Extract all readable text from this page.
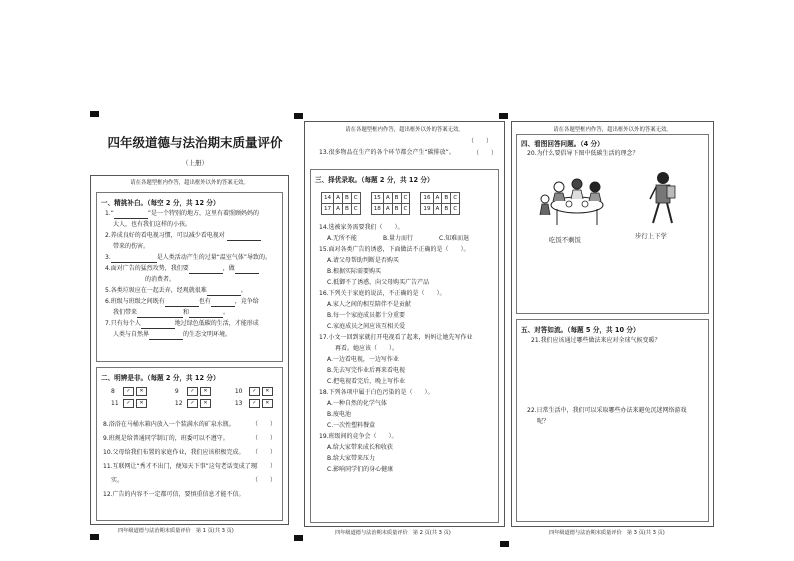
四年级道德与法治期末质量评价
（上册）
请在各题型框内作答，超出框外以外的答案无效。
一、精挑补白。（每空 2 分，共 12 分）
1.“	”是一个特别的地方，这里有着照顾妈妈的
大人，也有我们这样的小孩。
2.养成良好的看电视习惯，可以减少看电视对
带来的伤害。
3.	是人类活动产生的过量“温室气体”导致的。
4.面对广告的猛烈攻势，我们要	，做
的消费者。
5.各类垃圾应在一起丢弃，经观就很难	。
6.班级与班级之间既有	也有	，竞争给
我们带来	和	。
7.只有每个人	地过绿色低碳的生活，才能形成
人类与自然界	的生态文明环境。
二、明辨是非。（每题 2 分，共 12 分）
8 ✓ ✕	9 ✓ ✕	10 ✓ ✕
11 ✓ ✕	12 ✓ ✕	13 ✓ ✕
8.浴浴在马桶水箱内放入一个装满水的矿泉水瓶。
9.班规是给普通同学制订的，班委可以不遵守。
10.父母给我们布置的家庭作业，我们应该积极完成。
11.互联网让“秀才不出门，便知天下事”这句老话变成了现
实。
12.广告的内容不一定都可信，要慎重信息才能不信。
（　　）
（　　）
（　　）
（　　）
（　　）
四年级道德与法治期末质量评价　第 1 页(共 3 页)
请在各题型框内作答，超出框外以外的答案无效。
（　　）
13.很多物品在生产的各个环节都会产生“碳排放”。	（　　）
三、择优录取。（每题 2 分，共 12 分）
14	A	B	C		15	A	B	C		16	A	B	C
17	A	B	C		18	A	B	C		19	A	B	C
14.选被家务需要我们（　　）。
A.无所不能	B.量力而行	C.知难而退
15.面对各类广告的诱惑，下面做法不正确的是（　　）。
A.请父母帮助判断是否购买
B.根据实际需要购买
C.抵御不了诱惑，向父母购买广告产品
16.下列关于家庭的说法，不正确的是（　　）。
A.家人之间的相互陪伴不是贡献
B.每一个家庭成员都十分重要
C.家庭成员之间应该互相关爱
17.小文一回到家就打开电视看了起来，妈妈让她先写作业
再看。她应该（　　）。
A.一边看电视，一边写作业
B.先去写完作业后再来看电视
C.把电视看完后，晚上写作业
18.下列各项中属于白色污染的是（　　）。
A.一种自然的化学气体
B.废电池
C.一次性塑料餐盒
19.班级间的竞争会（　　）。
A.给大家带来成长和收获
B.给大家带来压力
C.影响同学们的身心健康
四年级道德与法治期末质量评价　第 2 页(共 3 页)
请在各题型框内作答，超出框外以外的答案无效。
四、看图回答问题。（4 分）
20.为什么要倡导下图中低碳生活的理念？
吃饭不剩饭	步行上下学
五、对答如流。（每题 5 分，共 10 分）
21.我们应该通过哪些做法来应对全球气候变暖？
22.日常生活中，我们可以采取哪些办法来避免沉迷网络游戏
呢？
四年级道德与法治期末质量评价　第 3 页(共 3 页)
